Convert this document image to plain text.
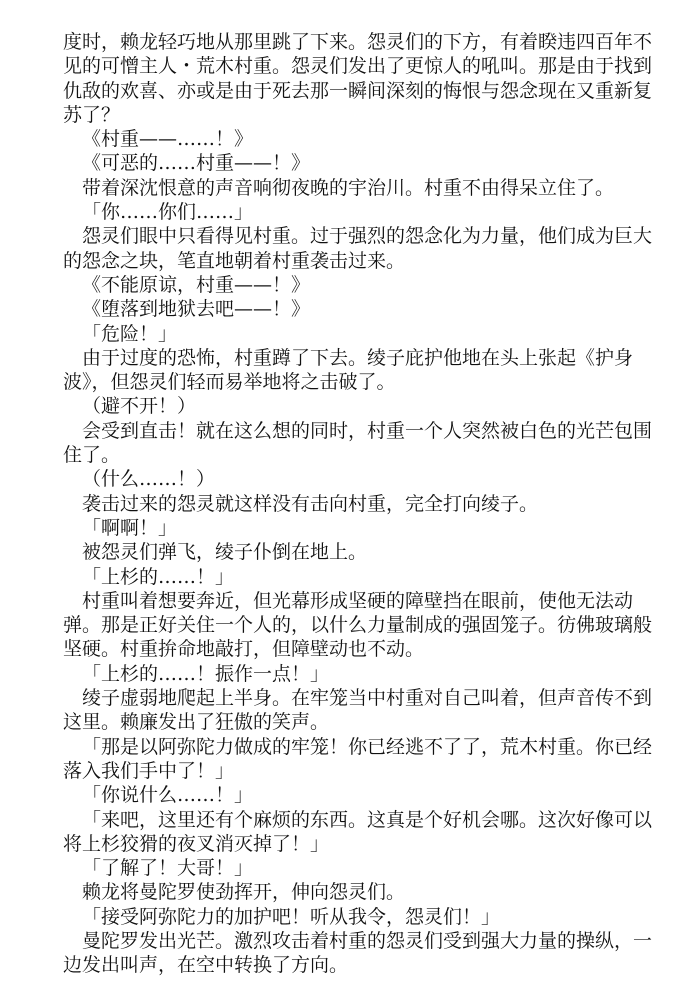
度时，赖龙轻巧地从那里跳了下来。怨灵们的下方，有着睽违四百年不见的可憎主人・荒木村重。怨灵们发出了更惊人的吼叫。那是由于找到仇敌的欢喜、亦或是由于死去那一瞬间深刻的悔恨与怨念现在又重新复苏了？

《村重——……！》

《可恶的……村重——！》

带着深沈恨意的声音响彻夜晚的宇治川。村重不由得呆立住了。

「你……你们……」

怨灵们眼中只看得见村重。过于强烈的怨念化为力量，他们成为巨大的怨念之块，笔直地朝着村重袭击过来。

《不能原谅，村重——！》

《堕落到地狱去吧——！》

「危险！」

由于过度的恐怖，村重蹲了下去。绫子庇护他地在头上张起《护身波》，但怨灵们轻而易举地将之击破了。

（避不开！）

会受到直击！就在这么想的同时，村重一个人突然被白色的光芒包围住了。

（什么……！）

袭击过来的怨灵就这样没有击向村重，完全打向绫子。

「啊啊！」

被怨灵们弹飞，绫子仆倒在地上。

「上杉的……！」

村重叫着想要奔近，但光幕形成坚硬的障壁挡在眼前，使他无法动弹。那是正好关住一个人的，以什么力量制成的强固笼子。彷佛玻璃般坚硬。村重拚命地敲打，但障壁动也不动。

「上杉的……！振作一点！」

绫子虚弱地爬起上半身。在牢笼当中村重对自己叫着，但声音传不到这里。赖廉发出了狂傲的笑声。

「那是以阿弥陀力做成的牢笼！你已经逃不了了，荒木村重。你已经落入我们手中了！」

「你说什么……！」

「来吧，这里还有个麻烦的东西。这真是个好机会哪。这次好像可以将上杉狡猾的夜叉消灭掉了！」

「了解了！大哥！」

赖龙将曼陀罗使劲挥开，伸向怨灵们。

「接受阿弥陀力的加护吧！听从我令，怨灵们！」

曼陀罗发出光芒。激烈攻击着村重的怨灵们受到强大力量的操纵，一边发出叫声，在空中转换了方向。
